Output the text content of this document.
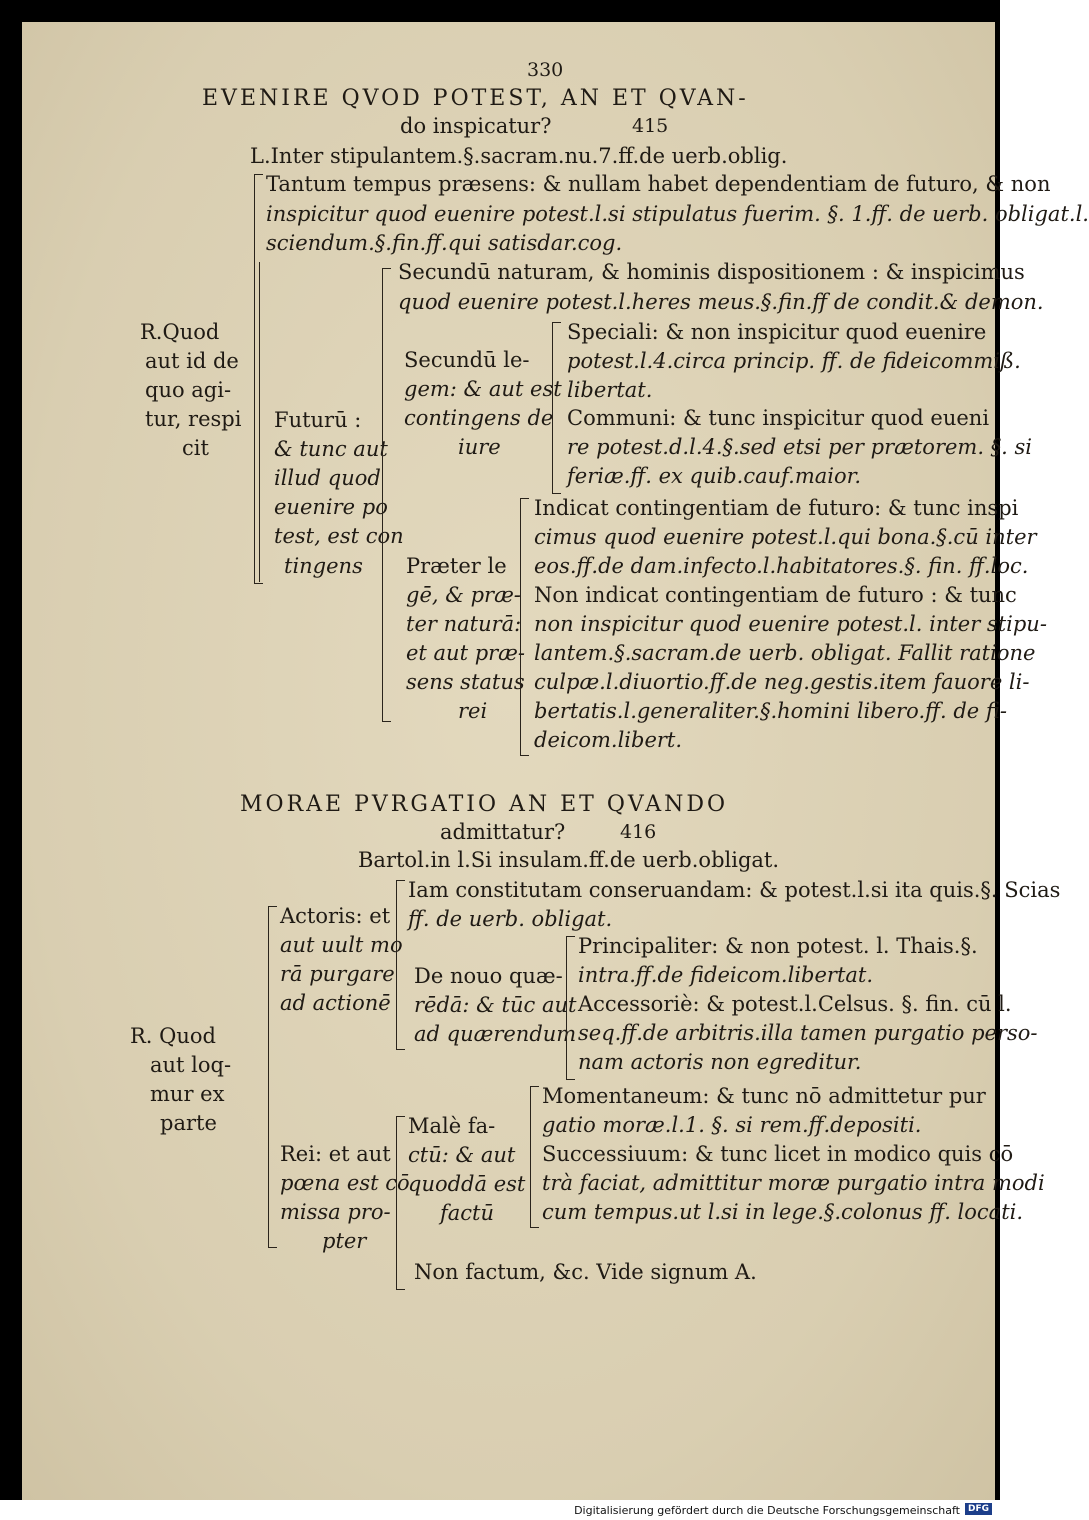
330
EVENIRE QVOD POTEST, AN ET QVAN-
do inspicatur?	415
L.Inter stipulantem.§.sacram.nu.7.ff.de uerb.oblig.
R.Quod
aut id de
quo agi-
tur, respi
cit
Tantum tempus præsens: & nullam habet dependentiam de futuro, & non
inspicitur quod euenire potest.l.si stipulatus fuerim. §. 1.ff. de uerb. obligat.l.
sciendum.§.fin.ff.qui satisdar.cog.
Futurū :
& tunc aut
illud quod
euenire po
test, est con
tingens
Secundū naturam, & hominis dispositionem : & inspicimus
quod euenire potest.l.heres meus.§.fin.ff de condit.& demon.
Secundū le-
gem: & aut est
contingens de
iure
Speciali: & non inspicitur quod euenire
potest.l.4.circa princip. ff. de fideicommiß.
libertat.
Communi: & tunc inspicitur quod eueni
re potest.d.l.4.§.sed etsi per prætorem. §. si
feriæ.ff. ex quib.cauf.maior.
Præter le
gē, & præ-
ter naturā:
et aut præ-
sens status
rei
Indicat contingentiam de futuro: & tunc inspi
cimus quod euenire potest.l.qui bona.§.cū inter
eos.ff.de dam.infecto.l.habitatores.§. fin. ff.loc.
Non indicat contingentiam de futuro : & tunc
non inspicitur quod euenire potest.l. inter stipu-
lantem.§.sacram.de uerb. obligat. Fallit ratione
culpæ.l.diuortio.ff.de neg.gestis.item fauore li-
bertatis.l.generaliter.§.homini libero.ff. de fi-
deicom.libert.
MORAE PVRGATIO AN ET QVANDO
admittatur?	416
Bartol.in l.Si insulam.ff.de uerb.obligat.
R. Quod
aut loq-
mur ex
parte
Actoris: et
aut uult mo
rā purgare
ad actionē
Iam constitutam conseruandam: & potest.l.si ita quis.§. Scias
ff. de uerb. obligat.
De nouo quæ-
rēdā: & tūc aut
ad quærendum
Principaliter: & non potest. l. Thais.§.
intra.ff.de fideicom.libertat.
Accessoriè: & potest.l.Celsus. §. fin. cū l.
seq.ff.de arbitris.illa tamen purgatio perso-
nam actoris non egreditur.
Rei: et aut
pœna est cō
missa pro-
pter
Malè fa-
ctū: & aut
quoddā est
factū
Momentaneum: & tunc nō admittetur pur
gatio moræ.l.1. §. si rem.ff.depositi.
Successiuum: & tunc licet in modico quis cō
trà faciat, admittitur moræ purgatio intra modi
cum tempus.ut l.si in lege.§.colonus ff. locati.
Non factum, &c. Vide signum A.
Digitalisierung gefördert durch die Deutsche Forschungsgemeinschaft DFG
